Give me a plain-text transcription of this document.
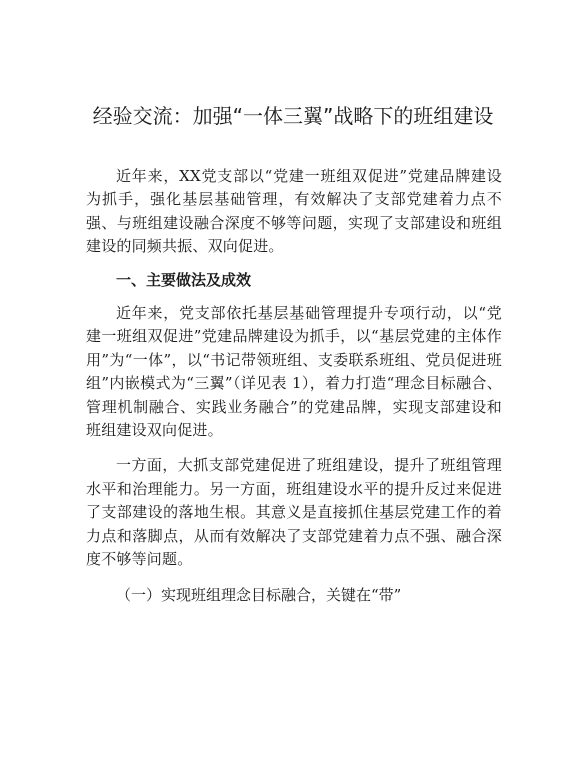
经验交流：加强“一体三翼”战略下的班组建设

近年来，XX党支部以“党建一班组双促进”党建品牌建设为抓手，强化基层基础管理，有效解决了支部党建着力点不强、与班组建设融合深度不够等问题，实现了支部建设和班组建设的同频共振、双向促进。

一、主要做法及成效

近年来，党支部依托基层基础管理提升专项行动，以“党建一班组双促进”党建品牌建设为抓手，以“基层党建的主体作用”为“一体”，以“书记带领班组、支委联系班组、党员促进班组”内嵌模式为“三翼”（详见表 1），着力打造“理念目标融合、管理机制融合、实践业务融合”的党建品牌，实现支部建设和班组建设双向促进。

一方面，大抓支部党建促进了班组建设，提升了班组管理水平和治理能力。另一方面，班组建设水平的提升反过来促进了支部建设的落地生根。其意义是直接抓住基层党建工作的着力点和落脚点，从而有效解决了支部党建着力点不强、融合深度不够等问题。

（一）实现班组理念目标融合，关键在“带”
